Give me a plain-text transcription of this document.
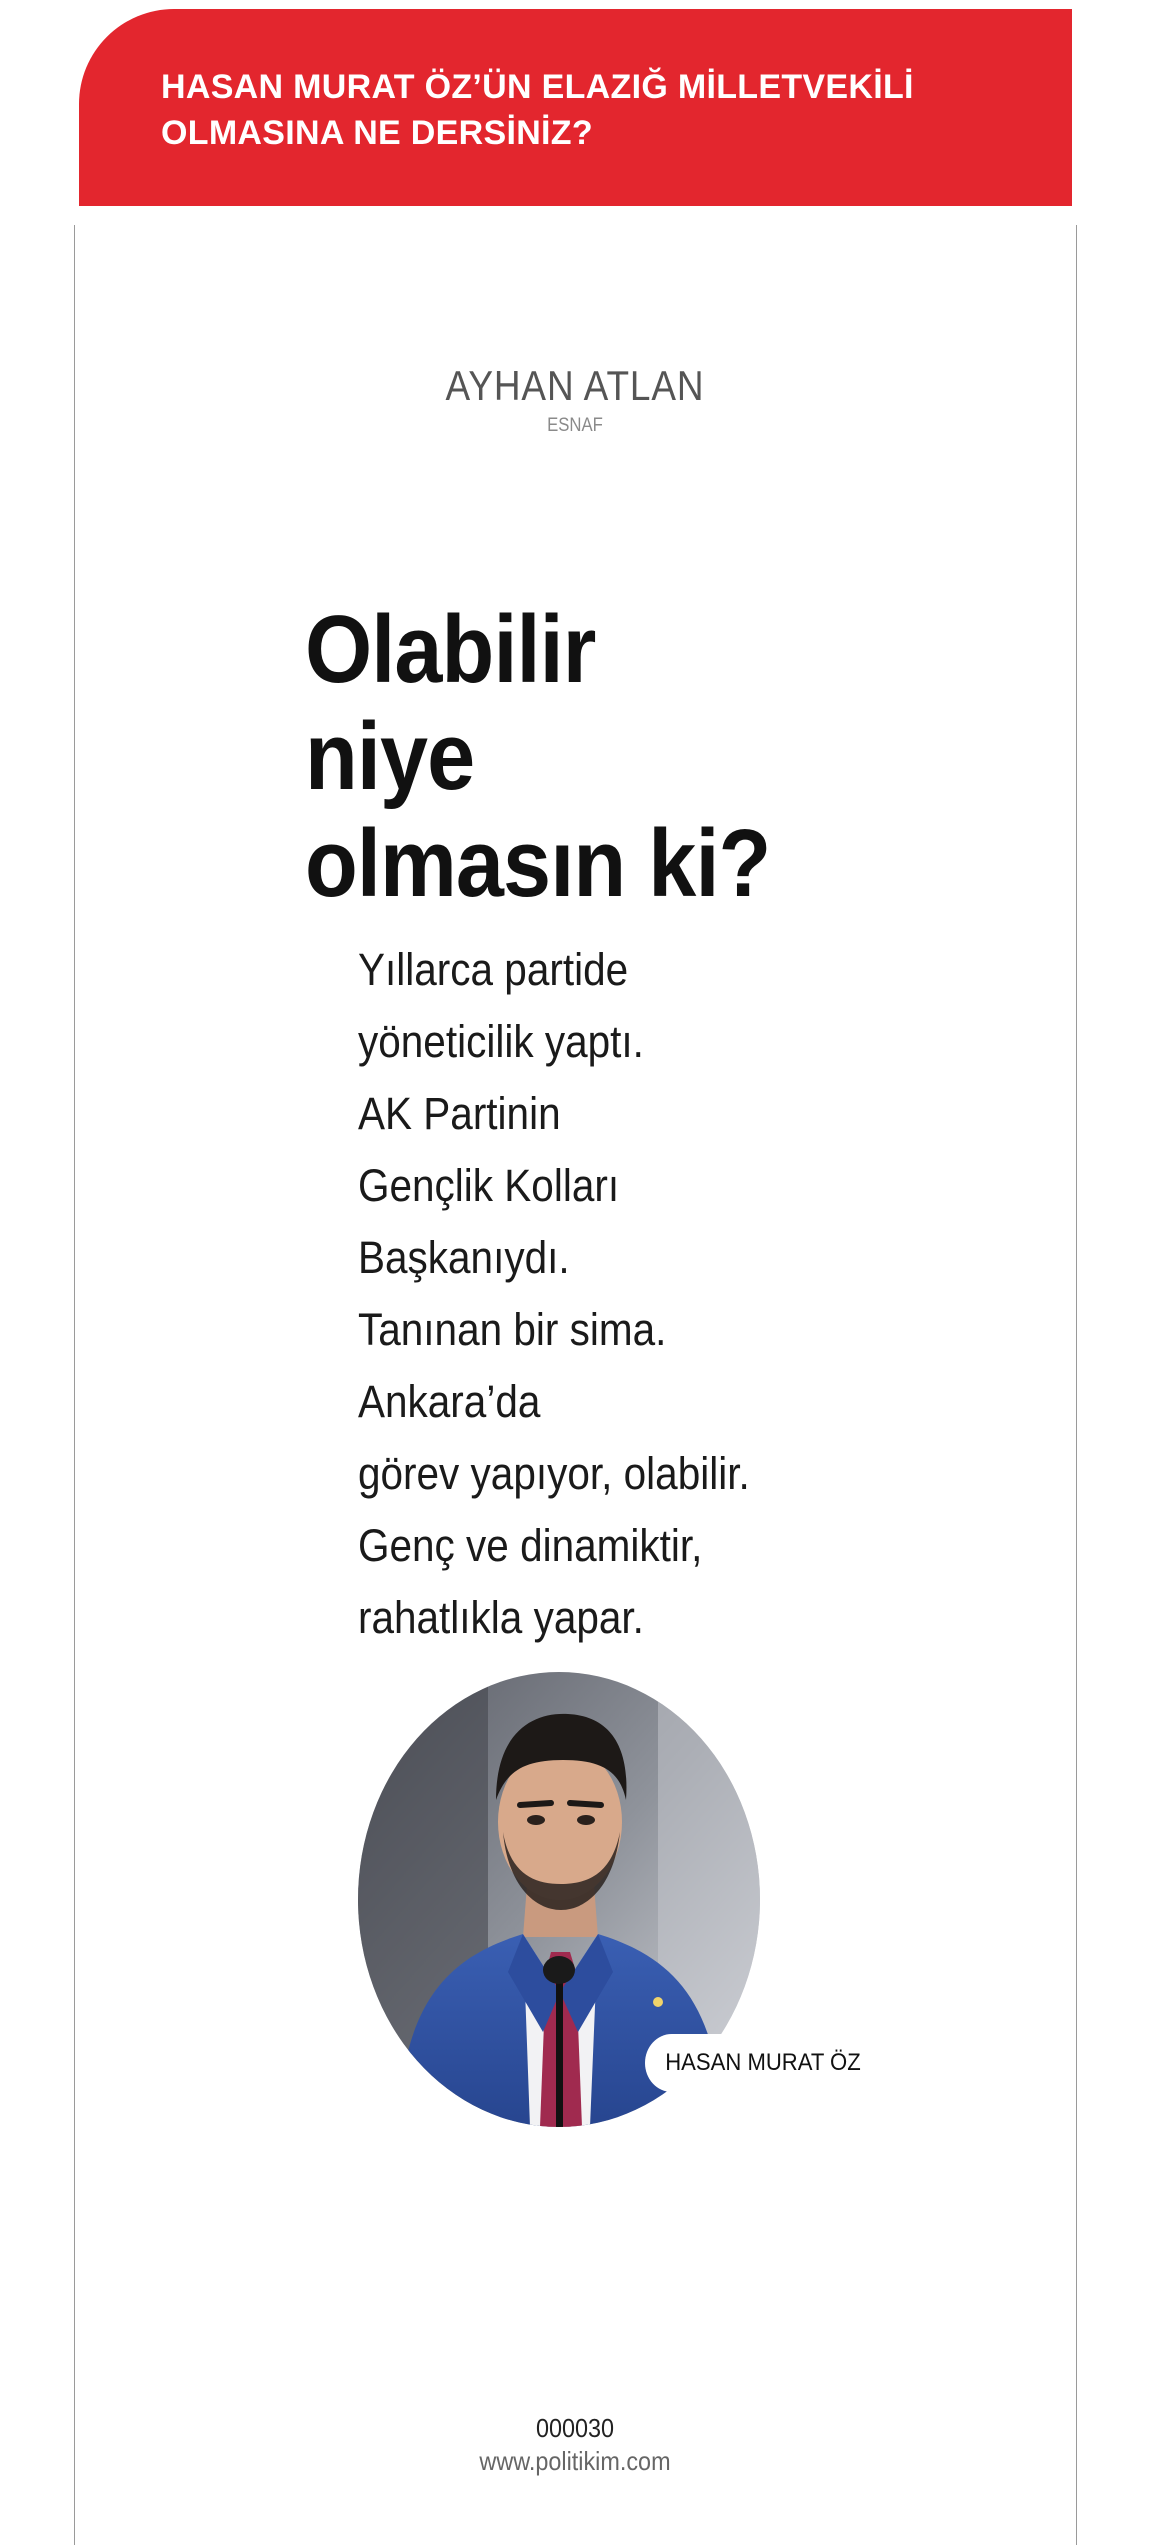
HASAN MURAT ÖZ’ÜN ELAZIĞ MİLLETVEKİLİ OLMASINA NE DERSİNİZ?
AYHAN ATLAN
ESNAF
Olabilir
niye
olmasın ki?
Yıllarca partide
yöneticilik yaptı.
AK Partinin
Gençlik Kolları
Başkanıydı.
Tanınan bir sima.
Ankara’da
görev yapıyor, olabilir.
Genç ve dinamiktir,
rahatlıkla yapar.
HASAN MURAT ÖZ
000030
www.politikim.com
